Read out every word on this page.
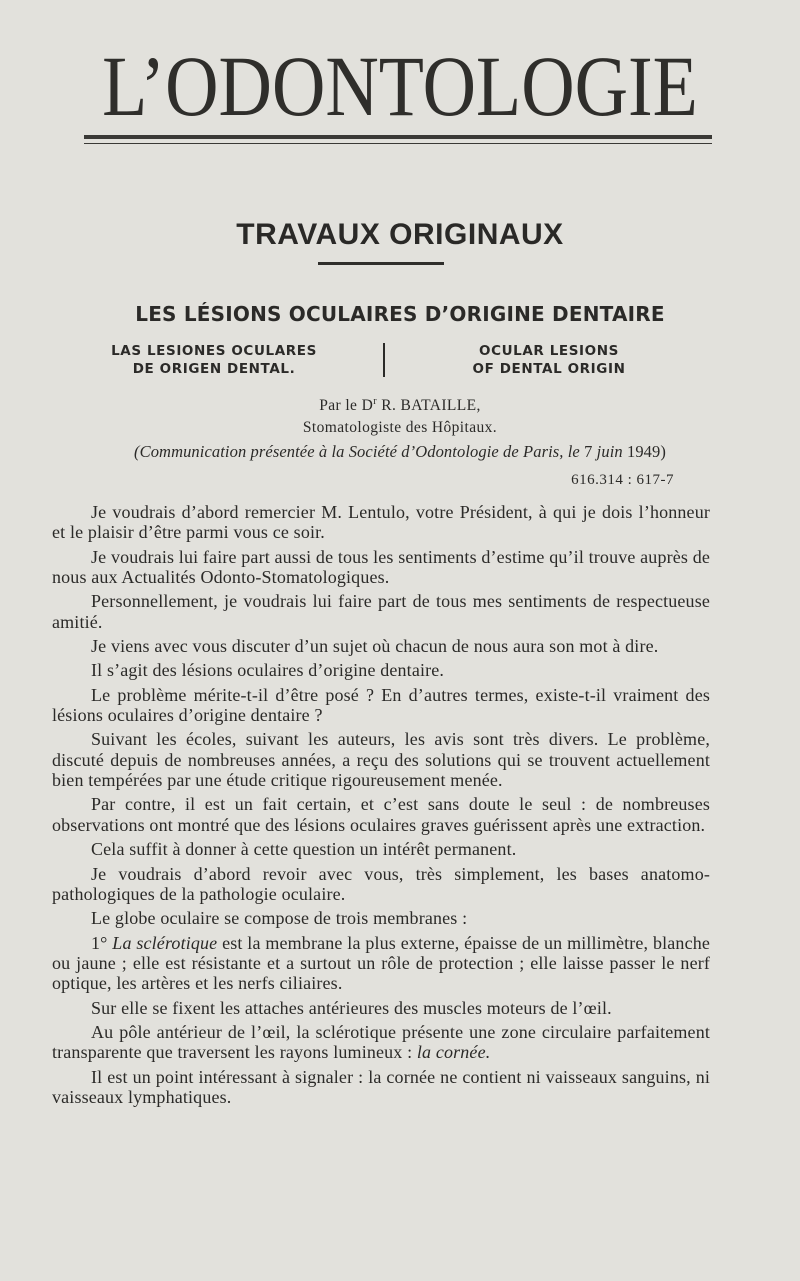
L’ODONTOLOGIE
TRAVAUX ORIGINAUX
LES LÉSIONS OCULAIRES D’ORIGINE DENTAIRE
LAS LESIONES OCULARES
DE ORIGEN DENTAL.
OCULAR LESIONS
OF DENTAL ORIGIN
Par le $D^r$ R. BATAILLE,
Stomatologiste des Hôpitaux.
(Communication présentée à la Société d’Odontologie de Paris, le 7 juin 1949)
616.314 : 617-7

Je voudrais d’abord remercier M. Lentulo, votre Président, à qui je dois l’honneur et le plaisir d’être parmi vous ce soir.

Je voudrais lui faire part aussi de tous les sentiments d’estime qu’il trouve auprès de nous aux Actualités Odonto-Stomatologiques.

Personnellement, je voudrais lui faire part de tous mes sentiments de respectueuse amitié.

Je viens avec vous discuter d’un sujet où chacun de nous aura son mot à dire.

Il s’agit des lésions oculaires d’origine dentaire.

Le problème mérite-t-il d’être posé ? En d’autres termes, existe-t-il vraiment des lésions oculaires d’origine dentaire ?

Suivant les écoles, suivant les auteurs, les avis sont très divers. Le problème, discuté depuis de nombreuses années, a reçu des solutions qui se trouvent actuellement bien tempérées par une étude critique rigoureusement menée.

Par contre, il est un fait certain, et c’est sans doute le seul : de nombreuses observations ont montré que des lésions oculaires graves guérissent après une extraction.

Cela suffit à donner à cette question un intérêt permanent.

Je voudrais d’abord revoir avec vous, très simplement, les bases anatomo-pathologiques de la pathologie oculaire.

Le globe oculaire se compose de trois membranes :

1° La sclérotique est la membrane la plus externe, épaisse de un millimètre, blanche ou jaune ; elle est résistante et a surtout un rôle de protection ; elle laisse passer le nerf optique, les artères et les nerfs ciliaires.

Sur elle se fixent les attaches antérieures des muscles moteurs de l’œil.

Au pôle antérieur de l’œil, la sclérotique présente une zone circulaire parfaitement transparente que traversent les rayons lumineux : la cornée.

Il est un point intéressant à signaler : la cornée ne contient ni vaisseaux sanguins, ni vaisseaux lymphatiques.
